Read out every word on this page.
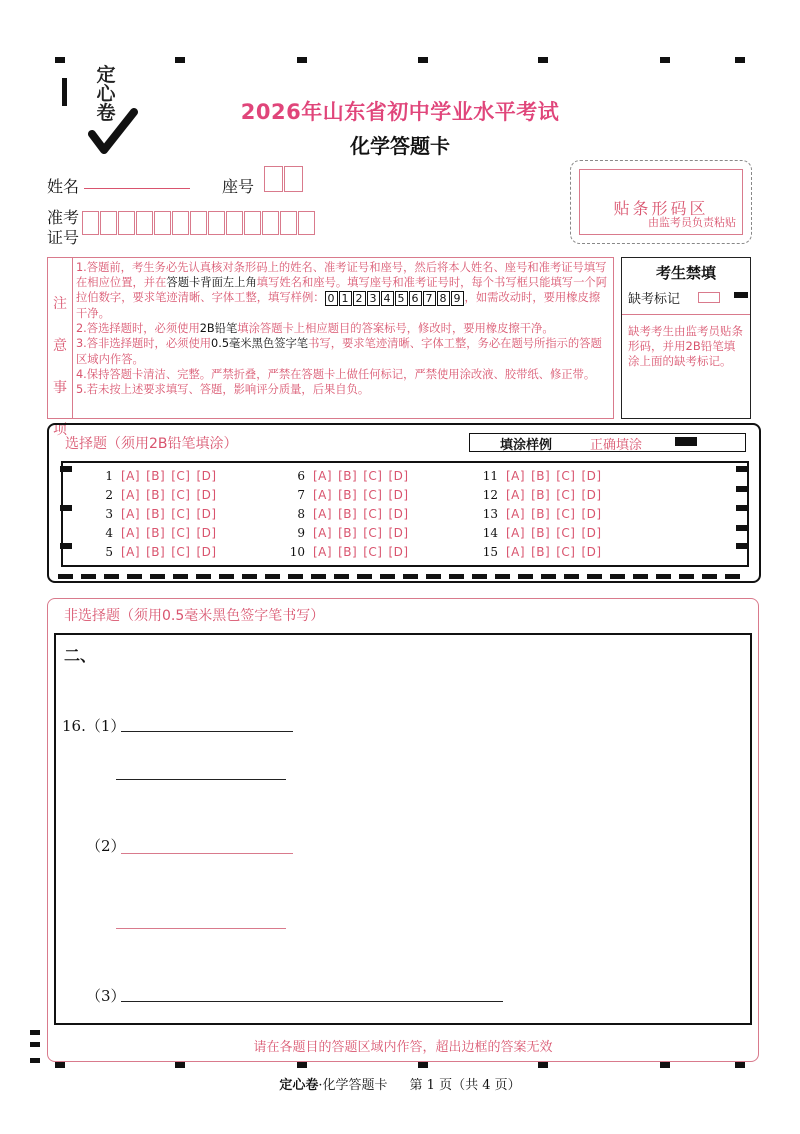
定心卷	2026年山东省初中学业水平考试
化学答题卡
姓名	座号
准考
证号
贴条形码区
由监考员负责粘贴
注
意
事
项
1.答题前，考生务必先认真核对条形码上的姓名、准考证号和座号，然后将本人姓名、座号和准考证号填写在相应位置，并在答题卡背面左上角填写姓名和座号。填写座号和准考证号时，每个书写框只能填写一个阿拉伯数字，要求笔迹清晰、字体工整，填写样例： 0 1 2 3 4 5 6 7 8 9 ，如需改动时，要用橡皮擦干净。
2.答选择题时，必须使用2B铅笔填涂答题卡上相应题目的答案标号，修改时，要用橡皮擦干净。
3.答非选择题时，必须使用0.5毫米黑色签字笔书写，要求笔迹清晰、字体工整，务必在题号所指示的答题区域内作答。
4.保持答题卡清洁、完整。严禁折叠，严禁在答题卡上做任何标记，严禁使用涂改液、胶带纸、修正带。
5.若未按上述要求填写、答题，影响评分质量，后果自负。
考生禁填
缺考标记
缺考考生由监考员贴条形码，并用2B铅笔填涂上面的缺考标记。
选择题（须用2B铅笔填涂）	填涂样例	正确填涂
1 [A] [B] [C] [D]
2 [A] [B] [C] [D]
3 [A] [B] [C] [D]
4 [A] [B] [C] [D]
5 [A] [B] [C] [D]
6 [A] [B] [C] [D]
7 [A] [B] [C] [D]
8 [A] [B] [C] [D]
9 [A] [B] [C] [D]
10 [A] [B] [C] [D]
11 [A] [B] [C] [D]
12 [A] [B] [C] [D]
13 [A] [B] [C] [D]
14 [A] [B] [C] [D]
15 [A] [B] [C] [D]
非选择题（须用0.5毫米黑色签字笔书写）
二、
16.（1）
（2）
（3）
请在各题目的答题区域内作答，超出边框的答案无效
定心卷·化学答题卡 第 1 页（共 4 页）
